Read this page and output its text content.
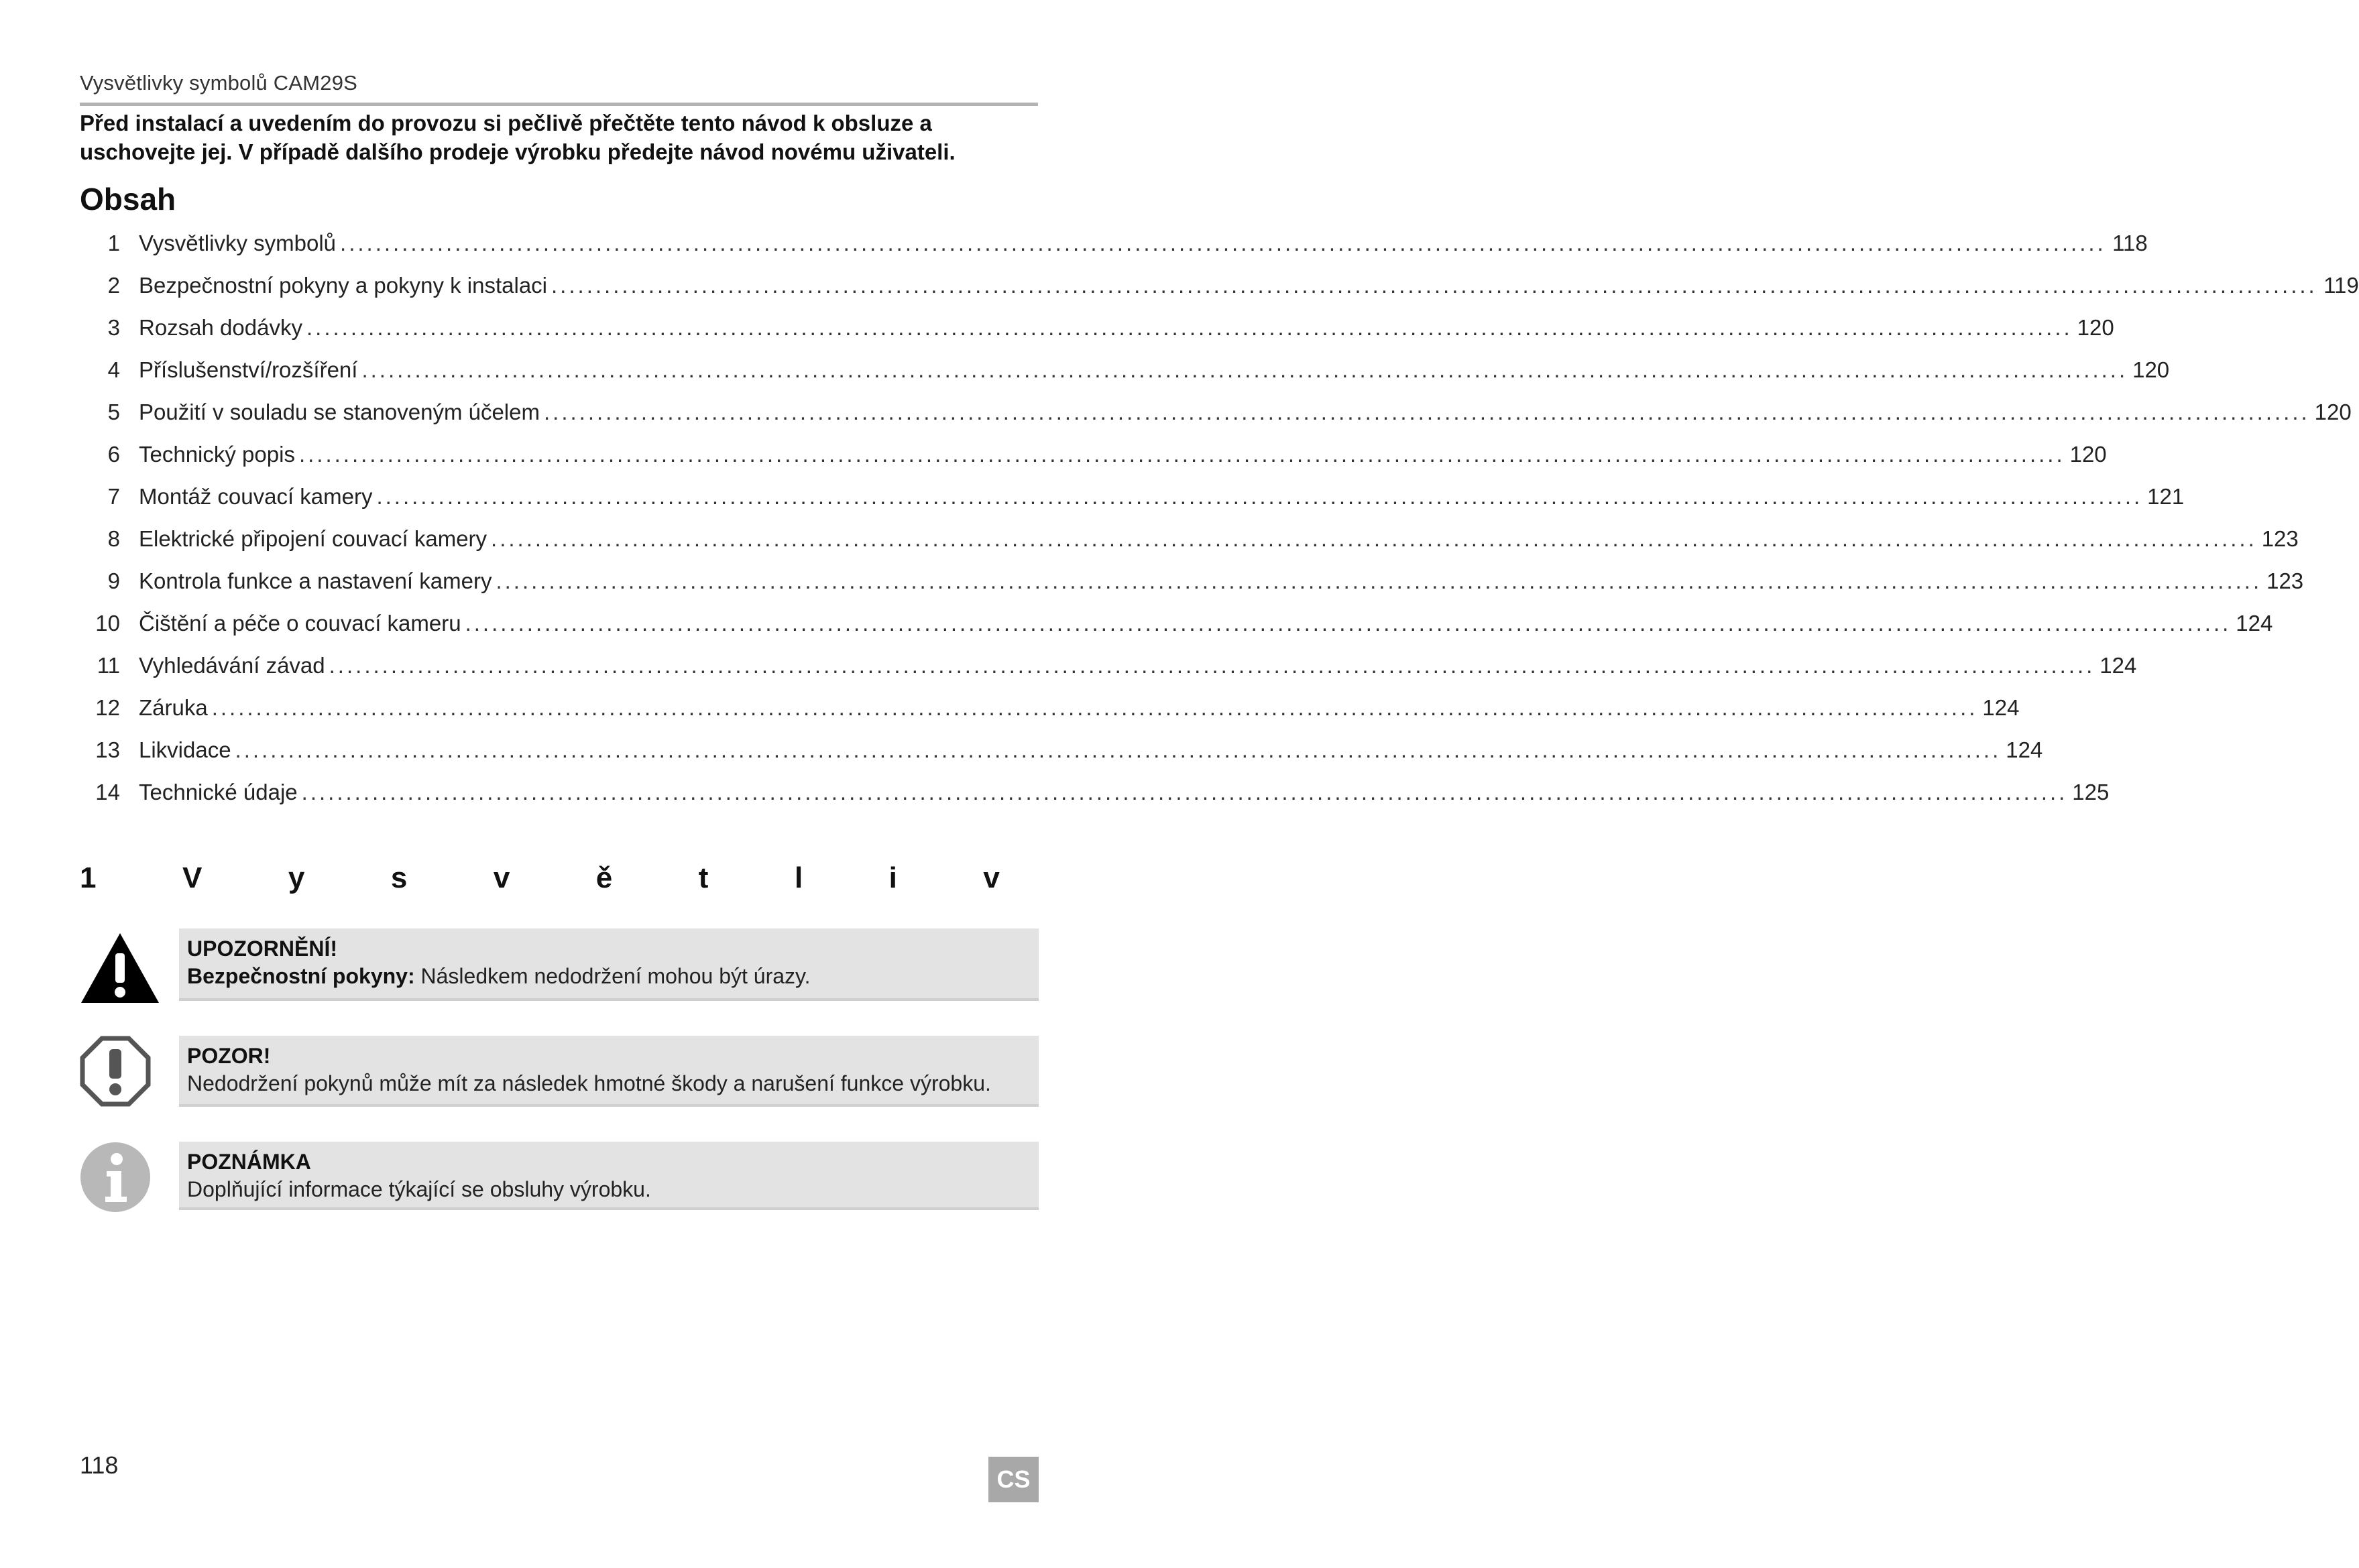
Vysvětlivky symbolů CAM29S
Před instalací a uvedením do provozu si pečlivě přečtěte tento návod k obsluze a uschovejte jej. V případě dalšího prodeje výrobku předejte návod novému uživateli.
Obsah
1 Vysvětlivky symbolů ........................................................................................................................................................................................................ 118
2 Bezpečnostní pokyny a pokyny k instalaci ........................................................................................................................................................................................................ 119
3 Rozsah dodávky ........................................................................................................................................................................................................ 120
4 Příslušenství/rozšíření ........................................................................................................................................................................................................ 120
5 Použití v souladu se stanoveným účelem ........................................................................................................................................................................................................ 120
6 Technický popis ........................................................................................................................................................................................................ 120
7 Montáž couvací kamery ........................................................................................................................................................................................................ 121
8 Elektrické připojení couvací kamery ........................................................................................................................................................................................................ 123
9 Kontrola funkce a nastavení kamery ........................................................................................................................................................................................................ 123
10 Čištění a péče o couvací kameru ........................................................................................................................................................................................................ 124
11 Vyhledávání závad ........................................................................................................................................................................................................ 124
12 Záruka ........................................................................................................................................................................................................ 124
13 Likvidace ........................................................................................................................................................................................................ 124
14 Technické údaje ........................................................................................................................................................................................................ 125
1	V	y	s	v	ě	t	l	i	v
UPOZORNĚNÍ!
Bezpečnostní pokyny: Následkem nedodržení mohou být úrazy.
POZOR!
Nedodržení pokynů může mít za následek hmotné škody a narušení funkce výrobku.
POZNÁMKA
Doplňující informace týkající se obsluhy výrobku.
118
CS
